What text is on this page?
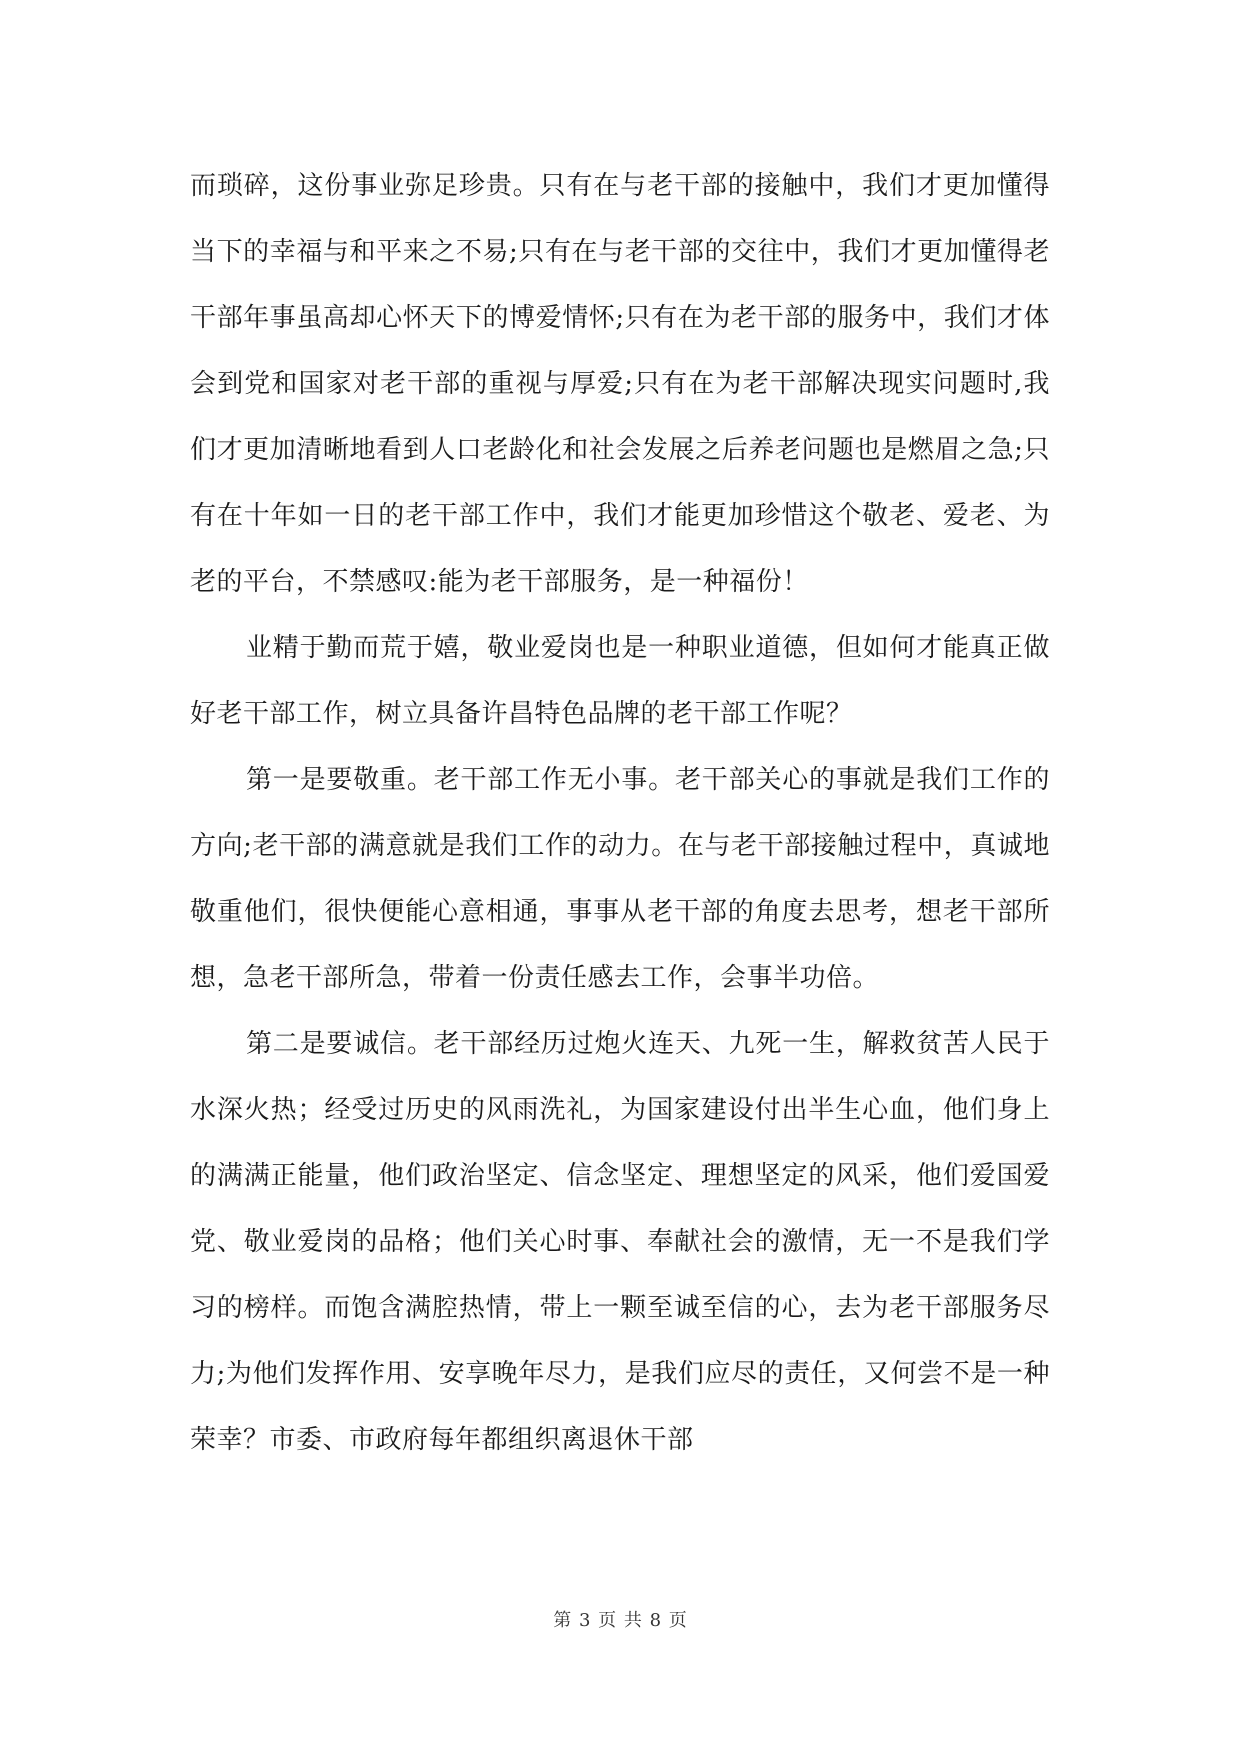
而琐碎，这份事业弥足珍贵。只有在与老干部的接触中，我们才更加懂得当下的幸福与和平来之不易;只有在与老干部的交往中，我们才更加懂得老干部年事虽高却心怀天下的博爱情怀;只有在为老干部的服务中，我们才体会到党和国家对老干部的重视与厚爱;只有在为老干部解决现实问题时,我们才更加清晰地看到人口老龄化和社会发展之后养老问题也是燃眉之急;只有在十年如一日的老干部工作中，我们才能更加珍惜这个敬老、爱老、为老的平台，不禁感叹:能为老干部服务，是一种福份！

业精于勤而荒于嬉，敬业爱岗也是一种职业道德，但如何才能真正做好老干部工作，树立具备许昌特色品牌的老干部工作呢？

第一是要敬重。老干部工作无小事。老干部关心的事就是我们工作的方向;老干部的满意就是我们工作的动力。在与老干部接触过程中，真诚地敬重他们，很快便能心意相通，事事从老干部的角度去思考，想老干部所想，急老干部所急，带着一份责任感去工作，会事半功倍。

第二是要诚信。老干部经历过炮火连天、九死一生，解救贫苦人民于水深火热；经受过历史的风雨洗礼，为国家建设付出半生心血，他们身上的满满正能量，他们政治坚定、信念坚定、理想坚定的风采，他们爱国爱党、敬业爱岗的品格；他们关心时事、奉献社会的激情，无一不是我们学习的榜样。而饱含满腔热情，带上一颗至诚至信的心，去为老干部服务尽力;为他们发挥作用、安享晚年尽力，是我们应尽的责任，又何尝不是一种荣幸？市委、市政府每年都组织离退休干部

第 3 页 共 8 页
